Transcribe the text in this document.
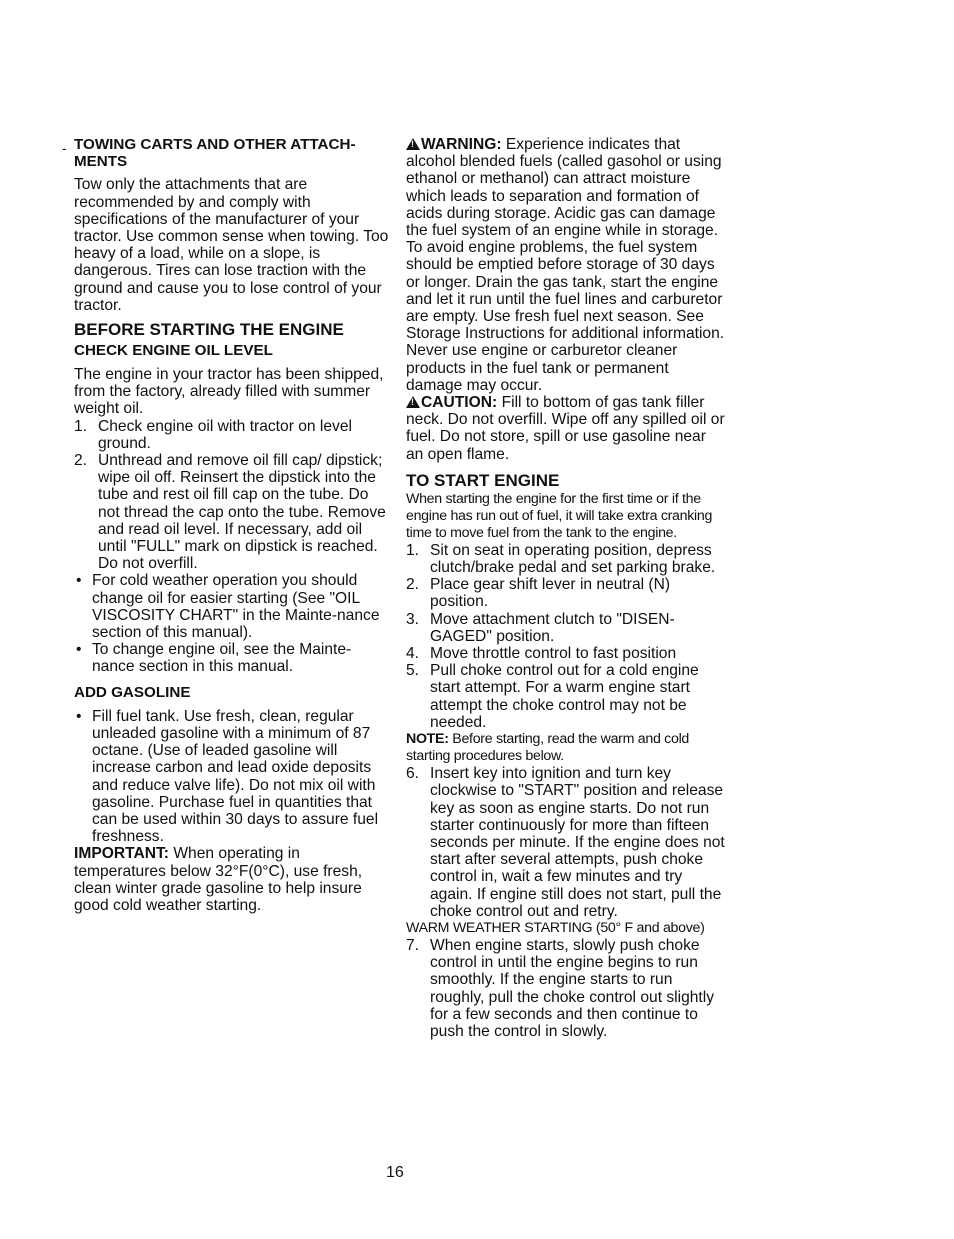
- TOWING CARTS AND OTHER ATTACH-MENTS

Tow only the attachments that are recommended by and comply with specifications of the manufacturer of your tractor. Use common sense when towing. Too heavy of a load, while on a slope, is dangerous. Tires can lose traction with the ground and cause you to lose control of your tractor.

BEFORE STARTING THE ENGINE

CHECK ENGINE OIL LEVEL

The engine in your tractor has been shipped, from the factory, already filled with summer weight oil.

1. Check engine oil with tractor on level ground.
2. Unthread and remove oil fill cap/ dipstick; wipe oil off. Reinsert the dipstick into the tube and rest oil fill cap on the tube. Do not thread the cap onto the tube. Remove and read oil level. If necessary, add oil until "FULL" mark on dipstick is reached. Do not overfill.
• For cold weather operation you should change oil for easier starting (See "OIL VISCOSITY CHART" in the Mainte-nance section of this manual).
• To change engine oil, see the Mainte-nance section in this manual.

ADD GASOLINE

• Fill fuel tank. Use fresh, clean, regular unleaded gasoline with a minimum of 87 octane. (Use of leaded gasoline will increase carbon and lead oxide deposits and reduce valve life). Do not mix oil with gasoline. Purchase fuel in quantities that can be used within 30 days to assure fuel freshness.

IMPORTANT: When operating in temperatures below 32°F(0°C), use fresh, clean winter grade gasoline to help insure good cold weather starting.

!WARNING: Experience indicates that alcohol blended fuels (called gasohol or using ethanol or methanol) can attract moisture which leads to separation and formation of acids during storage. Acidic gas can damage the fuel system of an engine while in storage. To avoid engine problems, the fuel system should be emptied before storage of 30 days or longer. Drain the gas tank, start the engine and let it run until the fuel lines and carburetor are empty. Use fresh fuel next season. See Storage Instructions for additional information. Never use engine or carburetor cleaner products in the fuel tank or permanent damage may occur.

!CAUTION: Fill to bottom of gas tank filler neck. Do not overfill. Wipe off any spilled oil or fuel. Do not store, spill or use gasoline near an open flame.

TO START ENGINE

When starting the engine for the first time or if the engine has run out of fuel, it will take extra cranking time to move fuel from the tank to the engine.

1. Sit on seat in operating position, depress clutch/brake pedal and set parking brake.
2. Place gear shift lever in neutral (N) position.
3. Move attachment clutch to "DISEN-GAGED" position.
4. Move throttle control to fast position
5. Pull choke control out for a cold engine start attempt. For a warm engine start attempt the choke control may not be needed.

NOTE: Before starting, read the warm and cold starting procedures below.

6. Insert key into ignition and turn key clockwise to "START" position and release key as soon as engine starts. Do not run starter continuously for more than fifteen seconds per minute. If the engine does not start after several attempts, push choke control in, wait a few minutes and try again. If engine still does not start, pull the choke control out and retry.

WARM WEATHER STARTING (50° F and above)

7. When engine starts, slowly push choke control in until the engine begins to run smoothly. If the engine starts to run roughly, pull the choke control out slightly for a few seconds and then continue to push the control in slowly.
16
